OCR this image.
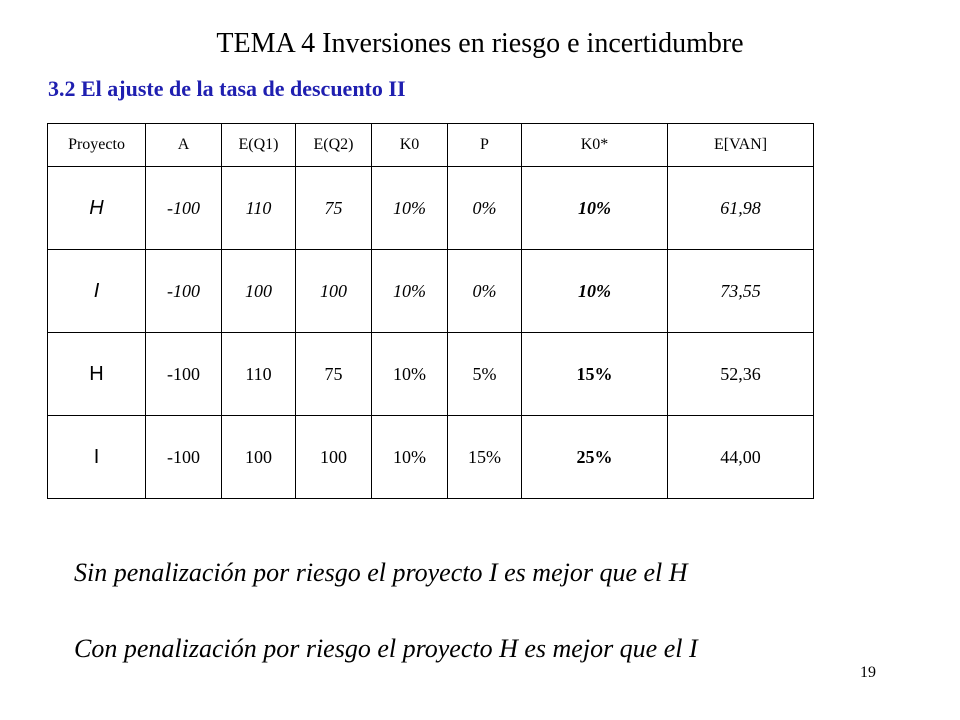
TEMA 4 Inversiones en riesgo e incertidumbre
3.2 El ajuste de la tasa de descuento II
Proyecto	A	E(Q1)	E(Q2)	K0	P	K0*	E[VAN]
H	-100	110	75	10%	0%	10%	61,98
I	-100	100	100	10%	0%	10%	73,55
H	-100	110	75	10%	5%	15%	52,36
I	-100	100	100	10%	15%	25%	44,00
Sin penalización por riesgo el proyecto I es mejor que el H
Con penalización por riesgo el proyecto H es mejor que el I
19
